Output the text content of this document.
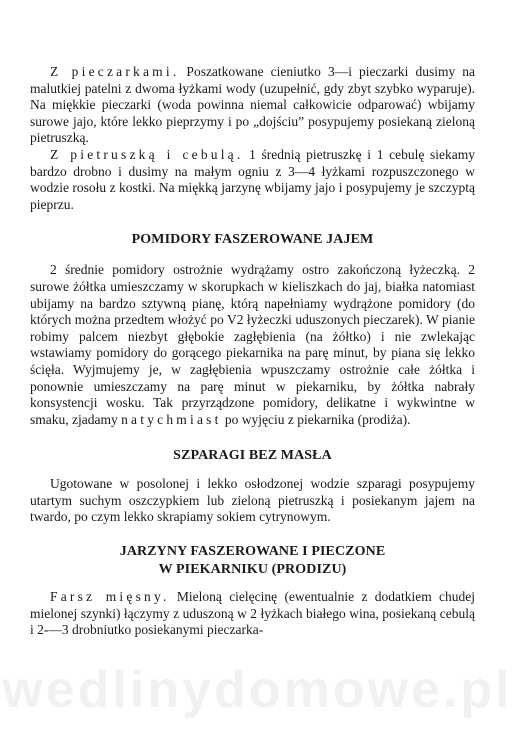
Z pieczarkami. Poszatkowane cieniutko 3—i pieczarki dusimy na malutkiej patelni z dwoma łyżkami wody (uzupełnić, gdy zbyt szybko wyparuje). Na miękkie pieczarki (woda powinna niemal całkowicie odparować) wbijamy surowe jajo, które lekko pieprzymy i po „dojściu” posypujemy posiekaną zieloną pietruszką.

Z pietruszką i cebulą. 1 średnią pietruszkę i 1 cebulę siekamy bardzo drobno i dusimy na małym ogniu z 3—4 łyżkami rozpuszczonego w wodzie rosołu z kostki. Na miękką jarzynę wbijamy jajo i posypujemy je szczyptą pieprzu.

POMIDORY FASZEROWANE JAJEM

2 średnie pomidory ostrożnie wydrążamy ostro zakończoną łyżeczką. 2 surowe żółtka umieszczamy w skorupkach w kieliszkach do jaj, białka natomiast ubijamy na bardzo sztywną pianę, którą napełniamy wydrążone pomidory (do których można przedtem włożyć po V2 łyżeczki uduszonych pieczarek). W pianie robimy palcem niezbyt głębokie zagłębienia (na żółtko) i nie zwlekając wstawiamy pomidory do gorącego piekarnika na parę minut, by piana się lekko ścięła. Wyjmujemy je, w zagłębienia wpuszczamy ostrożnie całe żółtka i ponownie umieszczamy na parę minut w piekarniku, by żółtka nabrały konsystencji wosku. Tak przyrządzone pomidory, delikatne i wykwintne w smaku, zjadamy natychmiast po wyjęciu z piekarnika (prodiża).

SZPARAGI BEZ MASŁA

Ugotowane w posolonej i lekko osłodzonej wodzie szparagi posypujemy utartym suchym oszczypkiem lub zieloną pietruszką i posiekanym jajem na twardo, po czym lekko skrapiamy sokiem cytrynowym.

JARZYNY FASZEROWANE I PIECZONE
W PIEKARNIKU (PRODIZU)

Farsz mięsny. Mieloną cielęcinę (ewentualnie z dodatkiem chudej mielonej szynki) łączymy z uduszoną w 2 łyżkach białego wina, posiekaną cebulą i 2-—3 drobniutko posiekanymi pieczarka-

wedlinydomowe.pl
